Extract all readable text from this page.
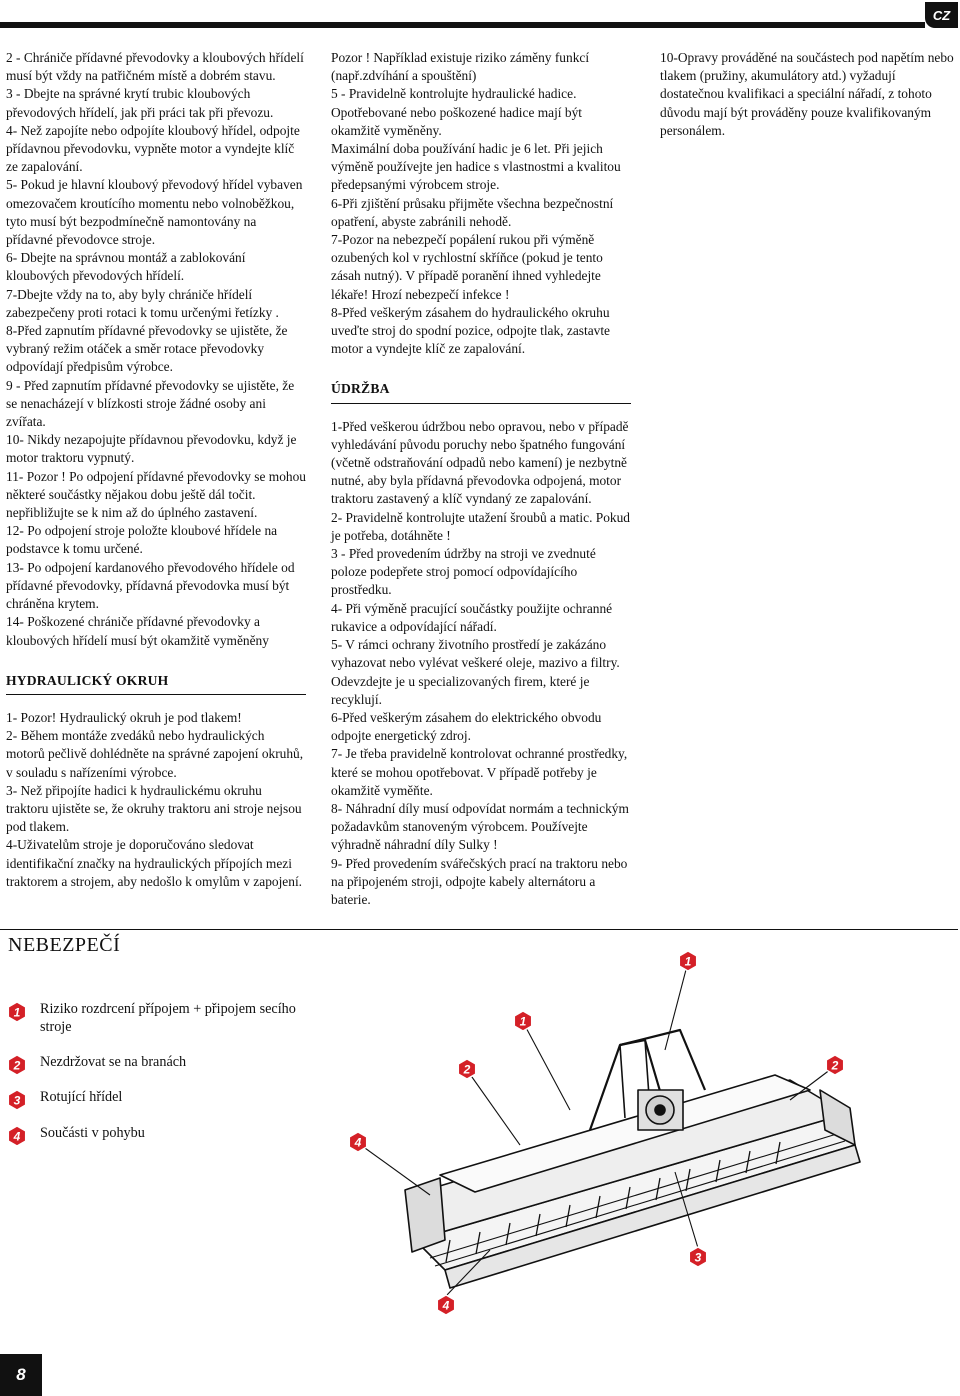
CZ

2 - Chrániče přídavné převodovky a kloubových hřídelí musí být vždy na patřičném místě a dobrém stavu.

3 - Dbejte na správné krytí trubic kloubových převodových hřídelí, jak při práci tak při převozu.

4- Než zapojíte nebo odpojíte kloubový hřídel, odpojte přídavnou převodovku, vypněte motor a vyndejte klíč ze zapalování.

5- Pokud je hlavní kloubový převodový hřídel vybaven omezovačem kroutícího momentu nebo volnoběžkou, tyto musí být bezpodmínečně namontovány na přídavné převodovce stroje.

6- Dbejte na správnou montáž a zablokování kloubových převodových hřídelí.

7-Dbejte vždy na to, aby byly chrániče hřídelí zabezpečeny proti rotaci k tomu určenými řetízky .

8-Před zapnutím přídavné převodovky se ujistěte, že vybraný režim otáček a směr rotace převodovky odpovídají předpisům výrobce.

9 - Před zapnutím přídavné převodovky se ujistěte, že se nenacházejí v blízkosti stroje žádné osoby ani zvířata.

10- Nikdy nezapojujte přídavnou převodovku, když je motor traktoru vypnutý.

11- Pozor ! Po odpojení přídavné převodovky se mohou některé součástky nějakou dobu ještě dál točit. nepřibližujte se k nim až do úplného zastavení.

12- Po odpojení stroje položte kloubové hřídele na podstavce k tomu určené.

13- Po odpojení kardanového převodového hřídele od přídavné převodovky, přídavná převodovka musí být chráněna krytem.

14- Poškozené chrániče přídavné převodovky a kloubových hřídelí musí být okamžitě vyměněny

HYDRAULICKÝ OKRUH

1- Pozor! Hydraulický okruh je pod tlakem!

2- Během montáže zvedáků nebo hydraulických motorů pečlivě dohlédněte na správné zapojení okruhů, v souladu s nařízeními výrobce.

3- Než připojíte hadici k hydraulickému okruhu traktoru ujistěte se, že okruhy traktoru ani stroje nejsou pod tlakem.

4-Uživatelům stroje je doporučováno sledovat identifikační značky na hydraulických přípojích mezi traktorem a strojem, aby nedošlo k omylům v zapojení.

Pozor ! Například existuje riziko záměny funkcí (např.zdvíhání a spouštění)

5 - Pravidelně kontrolujte hydraulické hadice. Opotřebované nebo poškozené hadice mají být okamžitě vyměněny.

Maximální doba používání hadic je 6 let. Při jejich výměně používejte jen hadice s vlastnostmi a kvalitou předepsanými výrobcem stroje.

6-Při zjištění průsaku přijměte všechna bezpečnostní opatření, abyste zabránili nehodě.

7-Pozor na nebezpečí popálení rukou při výměně ozubených kol v rychlostní skříňce (pokud je tento zásah nutný). V případě poranění ihned vyhledejte lékaře! Hrozí nebezpečí infekce !

8-Před veškerým zásahem do hydraulického okruhu uveďte stroj do spodní pozice, odpojte tlak, zastavte motor a vyndejte klíč ze zapalování.

ÚDRŽBA

1-Před veškerou údržbou nebo opravou, nebo v případě vyhledávání původu poruchy nebo špatného fungování (včetně odstraňování odpadů nebo kamení) je nezbytně nutné, aby byla přídavná převodovka odpojená, motor traktoru zastavený a klíč vyndaný ze zapalování.

2- Pravidelně kontrolujte utažení šroubů a matic. Pokud je potřeba, dotáhněte !

3 - Před provedením údržby na stroji ve zvednuté poloze podepřete stroj pomocí odpovídajícího prostředku.

4- Při výměně pracující součástky použijte ochranné rukavice a odpovídající nářadí.

5- V rámci ochrany životního prostředí je zakázáno vyhazovat nebo vylévat veškeré oleje, mazivo a filtry. Odevzdejte je u specializovaných firem, které je recyklují.

6-Před veškerým zásahem do elektrického obvodu odpojte energetický zdroj.

7- Je třeba pravidelně kontrolovat ochranné prostředky, které se mohou opotřebovat. V případě potřeby je okamžitě vyměňte.

8- Náhradní díly musí odpovídat normám a technickým požadavkům stanoveným výrobcem. Používejte výhradně náhradní díly Sulky !

9- Před provedením svářečských prací na traktoru nebo na připojeném stroji, odpojte kabely alternátoru a baterie.

10-Opravy prováděné na součástech pod napětím nebo tlakem (pružiny, akumulátory atd.) vyžadují dostatečnou kvalifikaci a speciální nářadí, z tohoto důvodu mají být prováděny pouze kvalifikovaným personálem.

NEBEZPEČÍ
1 Riziko rozdrcení přípojem + připojem secího stroje
2 Nezdržovat se na branách
3 Rotující hřídel
4 Součásti v pohybu
1
1
2	2
3
4
4
8
